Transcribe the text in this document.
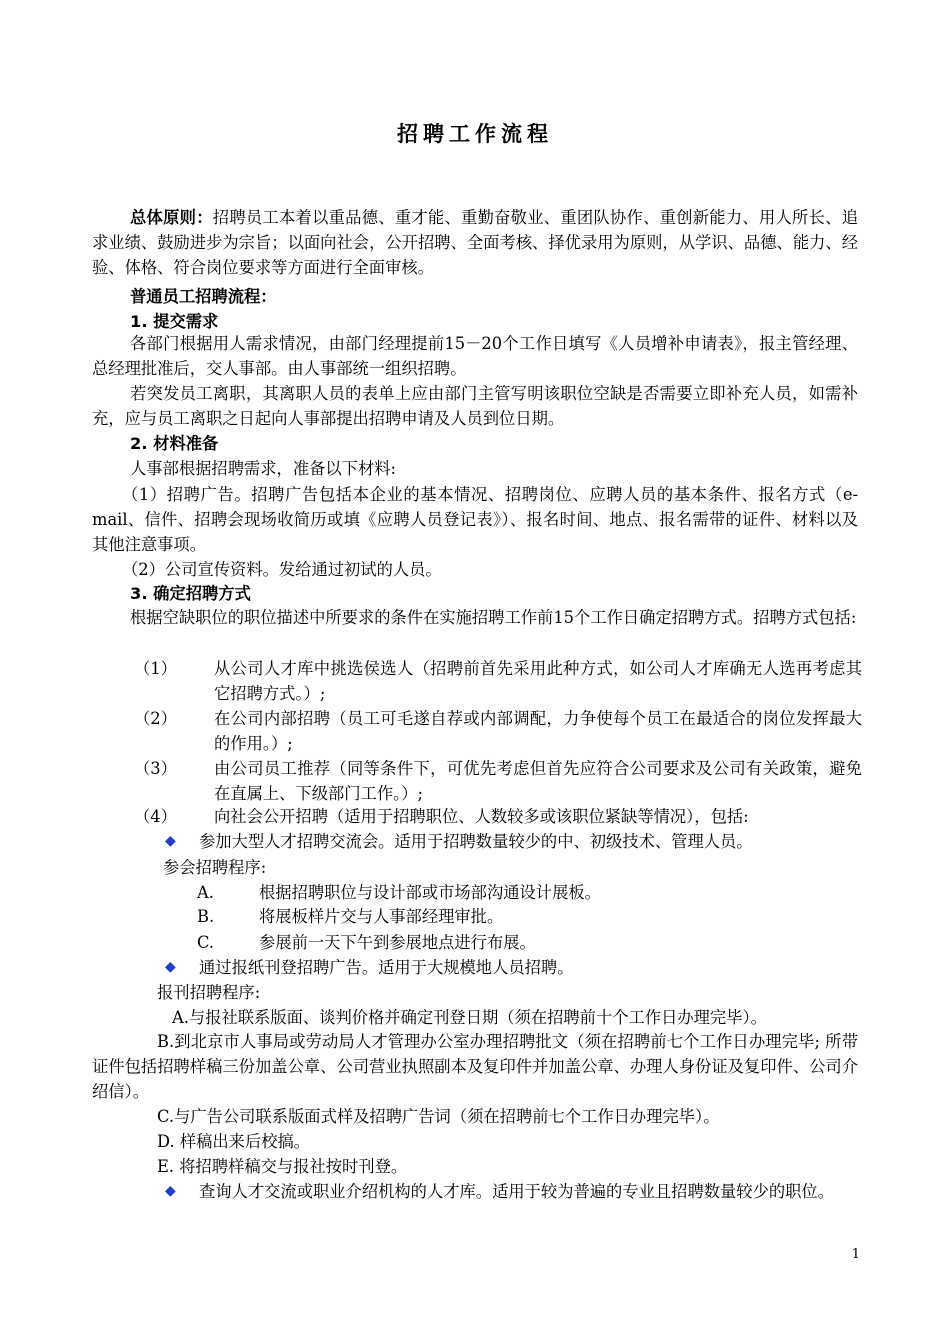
招聘工作流程

总体原则：招聘员工本着以重品德、重才能、重勤奋敬业、重团队协作、重创新能力、用人所长、追求业绩、鼓励进步为宗旨；以面向社会，公开招聘、全面考核、择优录用为原则，从学识、品德、能力、经验、体格、符合岗位要求等方面进行全面审核。

普通员工招聘流程：
1. 提交需求

各部门根据用人需求情况，由部门经理提前15－20个工作日填写《人员增补申请表》，报主管经理、总经理批准后，交人事部。由人事部统一组织招聘。

若突发员工离职，其离职人员的表单上应由部门主管写明该职位空缺是否需要立即补充人员，如需补充，应与员工离职之日起向人事部提出招聘申请及人员到位日期。

2. 材料准备
人事部根据招聘需求，准备以下材料:

（1）招聘广告。招聘广告包括本企业的基本情况、招聘岗位、应聘人员的基本条件、报名方式（e-mail、信件、招聘会现场收简历或填《应聘人员登记表》）、报名时间、地点、报名需带的证件、材料以及其他注意事项。

（2）公司宣传资料。发给通过初试的人员。

3. 确定招聘方式

根据空缺职位的职位描述中所要求的条件在实施招聘工作前15个工作日确定招聘方式。招聘方式包括:

（1） 从公司人才库中挑选侯选人（招聘前首先采用此种方式，如公司人才库确无人选再考虑其它招聘方式。）;
（2） 在公司内部招聘（员工可毛遂自荐或内部调配，力争使每个员工在最适合的岗位发挥最大的作用。）;
（3） 由公司员工推荐（同等条件下，可优先考虑但首先应符合公司要求及公司有关政策，避免在直属上、下级部门工作。）;
（4） 向社会公开招聘（适用于招聘职位、人数较多或该职位紧缺等情况），包括:
◆ 参加大型人才招聘交流会。适用于招聘数量较少的中、初级技术、管理人员。
参会招聘程序:
A.	根据招聘职位与设计部或市场部沟通设计展板。
B.	将展板样片交与人事部经理审批。
C.	参展前一天下午到参展地点进行布展。
◆ 通过报纸刊登招聘广告。适用于大规模地人员招聘。
报刊招聘程序:
A.与报社联系版面、谈判价格并确定刊登日期（须在招聘前十个工作日办理完毕）。

B.到北京市人事局或劳动局人才管理办公室办理招聘批文（须在招聘前七个工作日办理完毕; 所带证件包括招聘样稿三份加盖公章、公司营业执照副本及复印件并加盖公章、办理人身份证及复印件、公司介绍信）。

C.与广告公司联系版面式样及招聘广告词（须在招聘前七个工作日办理完毕）。
D. 样稿出来后校搞。
E. 将招聘样稿交与报社按时刊登。
◆ 查询人才交流或职业介绍机构的人才库。适用于较为普遍的专业且招聘数量较少的职位。
1
